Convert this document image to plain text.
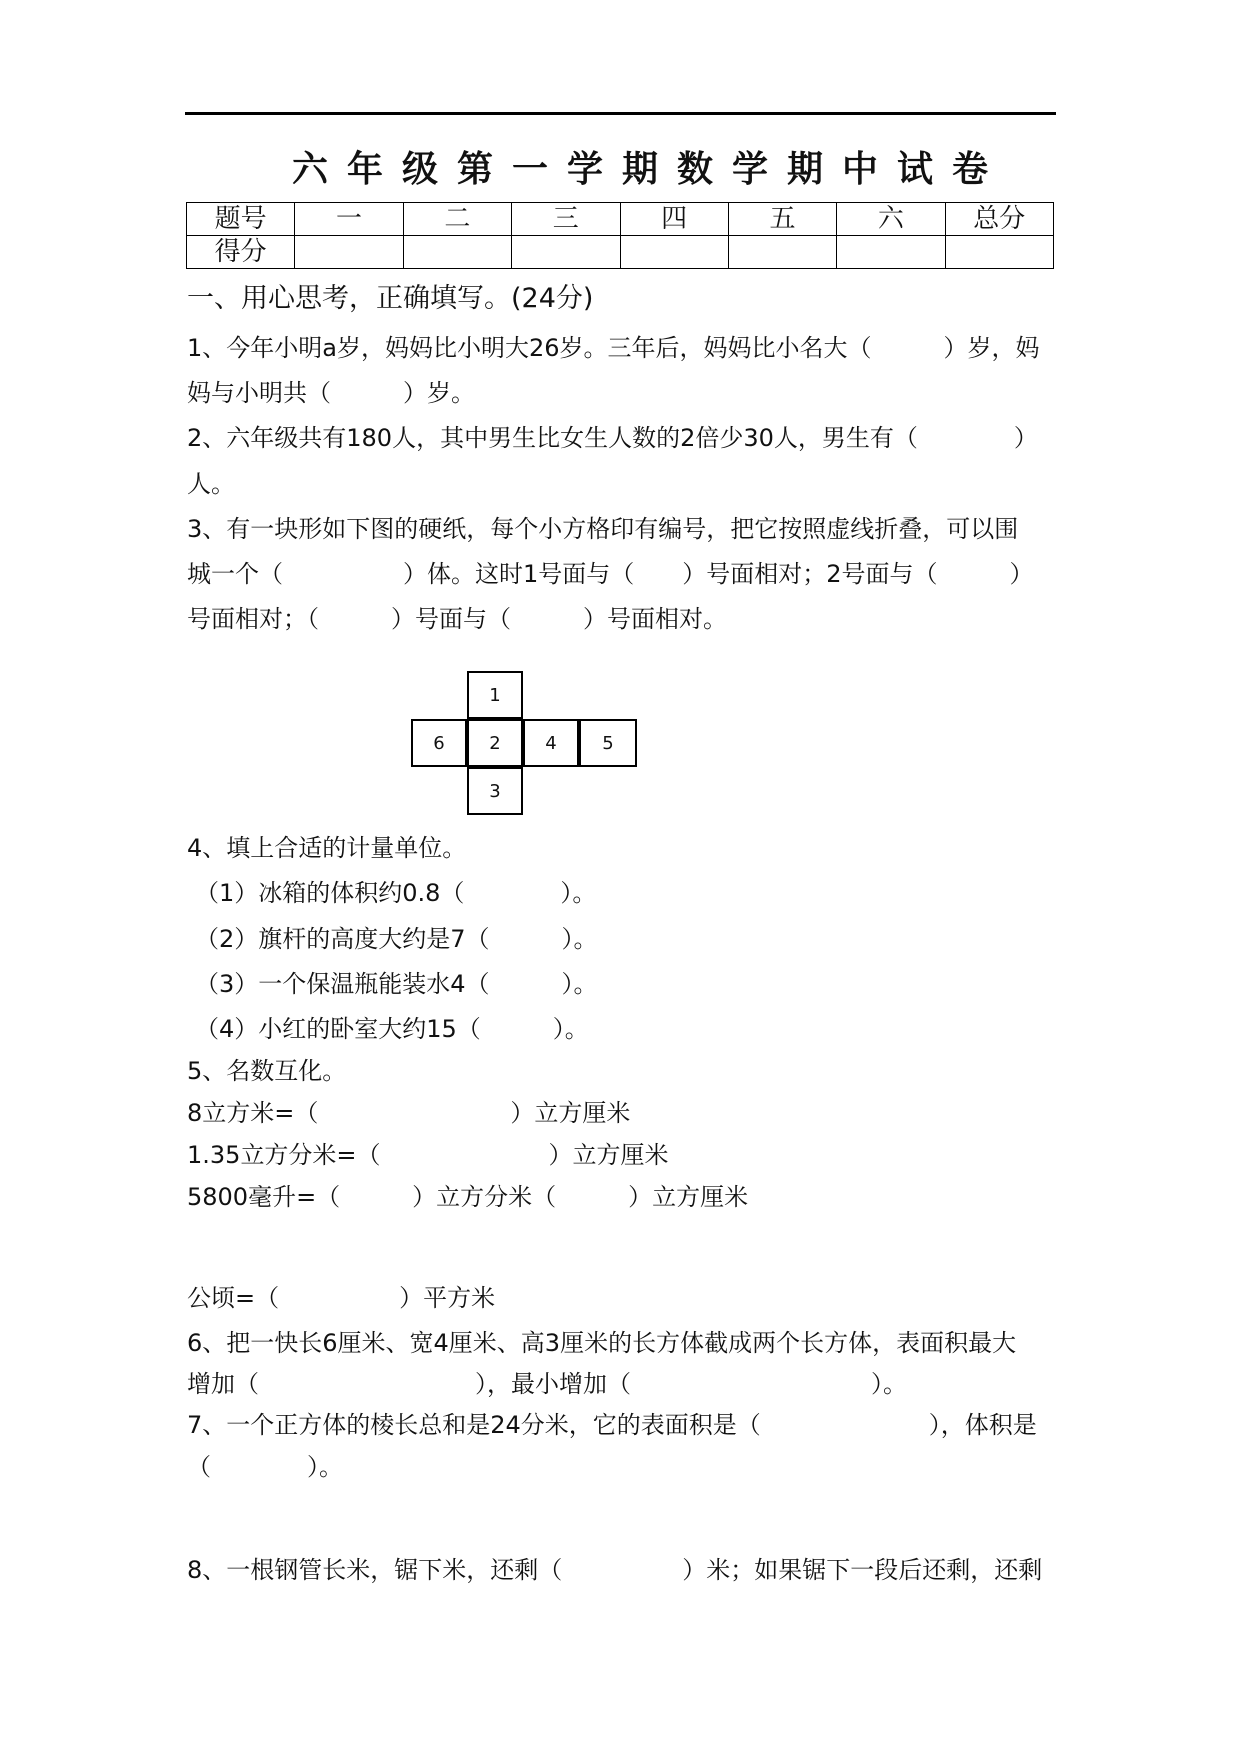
六年级第一学期数学期中试卷
题号	一	二	三	四	五	六	总分
得分							
一、用心思考，正确填写。(24分)
1、今年小明a岁，妈妈比小明大26岁。三年后，妈妈比小名大（　　　）岁，妈
妈与小明共（　　　）岁。
2、六年级共有180人，其中男生比女生人数的2倍少30人，男生有（　　　　）
人。
3、有一块形如下图的硬纸，每个小方格印有编号，把它按照虚线折叠，可以围
城一个（　　　　　）体。这时1号面与（　　）号面相对；2号面与（　　　）
号面相对；（　　　）号面与（　　　）号面相对。
1
6	2	4	5
3
4、填上合适的计量单位。
（1）冰箱的体积约0.8（　　　　）。
（2）旗杆的高度大约是7（　　　）。
（3）一个保温瓶能装水4（　　　）。
（4）小红的卧室大约15（　　　）。
5、名数互化。
8立方米=（　　　　　　　　）立方厘米
1.35立方分米=（　　　　　　　）立方厘米
5800毫升=（　　　）立方分米（　　　）立方厘米
公顷=（　　　　　）平方米
6、把一快长6厘米、宽4厘米、高3厘米的长方体截成两个长方体，表面积最大
增加（　　　　　　　　　），最小增加（　　　　　　　　　　）。
7、一个正方体的棱长总和是24分米，它的表面积是（　　　　　　　），体积是
（　　　　）。
8、一根钢管长米，锯下米，还剩（　　　　　）米；如果锯下一段后还剩，还剩
